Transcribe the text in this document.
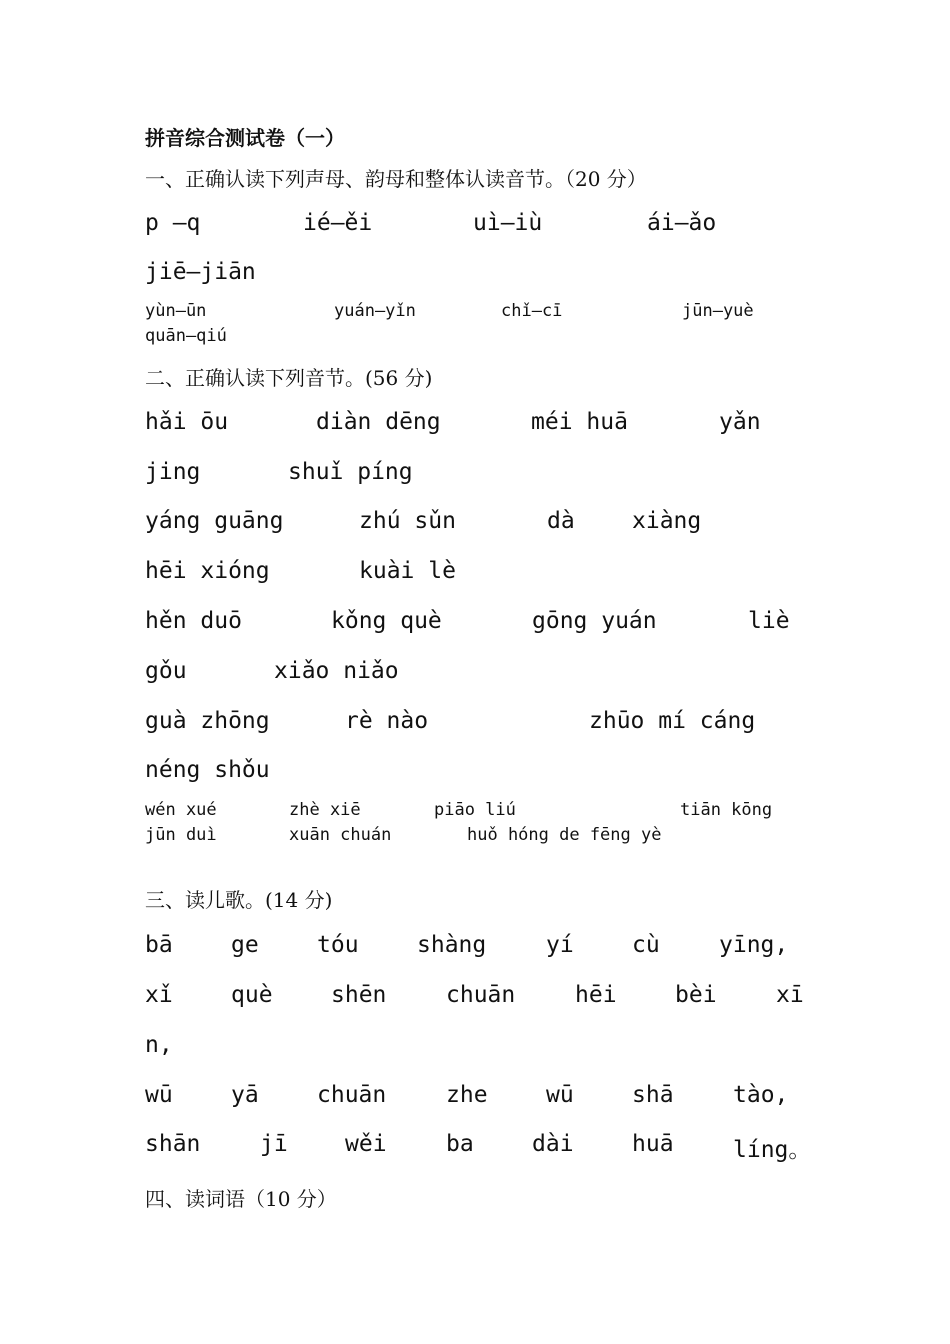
拼音综合测试卷（一）
一、正确认读下列声母、韵母和整体认读音节。（20 分）
p —q	ié—ěi	uì—iù	ái—ǎo
jiē—jiān
yùn—ūn	yuán—yǐn	chǐ—cī	jūn—yuè
quān—qiú
二、正确认读下列音节。(56 分)
hǎi ōu	diàn dēng	méi huā	yǎn
jing	shuǐ píng
yáng guāng	zhú sǔn	dà xiàng
hēi xióng	kuài lè
hěn duō	kǒng què	gōng yuán	liè
gǒu	xiǎo niǎo
guà zhōng	rè nào	zhūo mí cáng
néng shǒu
wén xué	zhè xiē	piāo liú	tiān kōng
jūn duì	xuān chuán	huǒ hóng de fēng yè
三、读儿歌。(14 分)
bā	ge	tóu	shàng	yí	cù	yīng,
xǐ	què	shēn	chuān	hēi	bèi	xī
n,
wū	yā	chuān	zhe	wū	shā	tào,
shān	jī wěi	ba	dài	huā	líng。
四、读词语（10 分）
